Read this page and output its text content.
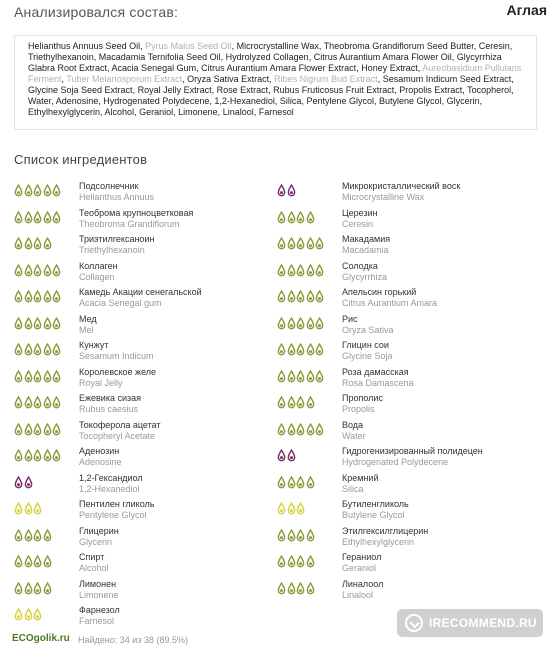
Анализировался состав:	Аглая
Helianthus Annuus Seed Oil, Pyrus Malus Seed Oil, Microcrystalline Wax, Theobroma Grandiflorum Seed Butter, Ceresin, Triethylhexanoin, Macadamia Ternifolia Seed Oil, Hydrolyzed Collagen, Citrus Aurantium Amara Flower Oil, Glycyrrhiza Glabra Root Extract, Acacia Senegal Gum, Citrus Aurantium Amara Flower Extract, Honey Extract, Aureobasidium Pullulans Ferment, Tuber Melanosporum Extract, Oryza Sativa Extract, Ribes Nigrum Bud Extract, Sesamum Indicum Seed Extract, Glycine Soja Seed Extract, Royal Jelly Extract, Rose Extract, Rubus Fruticosus Fruit Extract, Propolis Extract, Tocopherol, Water, Adenosine, Hydrogenated Polydecene, 1,2-Hexanediol, Silica, Pentylene Glycol, Butylene Glycol, Glycerin, Ethylhexylglycerin, Alcohol, Geraniol, Limonene, Linalool, Farnesol
Список ингредиентов
Подсолнечник
Helianthus Annuus
Теоброма крупноцветковая
Theobroma Grandiflorum
Триэтилгексаноин
Triethylhexanoin
Коллаген
Collagen
Камедь Акации сенегальской
Acacia Senegal gum
Мед
Mel
Кунжут
Sesamum Indicum
Королевское желе
Royal Jelly
Ежевика сизая
Rubus caesius
Токоферола ацетат
Tocopheryl Acetate
Аденозин
Adenosine
1,2-Гександиол
1,2-Hexanediol
Пентилен гликоль
Pentylene Glycol
Глицерин
Glycerin
Спирт
Alcohol
Лимонен
Limonene
Фарнезол
Farnesol
Микрокристаллический воск
Microcrystalline Wax
Церезин
Ceresin
Макадамия
Macadamia
Солодка
Glycyrrhiza
Апельсин горький
Citrus Aurantium Amara
Рис
Oryza Sativa
Глицин сои
Glycine Soja
Роза дамасская
Rosa Damascena
Прополис
Propolis
Вода
Water
Гидрогенизированный полидецен
Hydrogenated Polydecene
Кремний
Silica
Бутиленгликоль
Butylene Glycol
Этилгексилглицерин
Ethylhexylglycerin
Гераниол
Geraniol
Линалоол
Linalool
ECOgolik.ru Найдено: 34 из 38 (89.5%)
IRECOMMEND.RU
